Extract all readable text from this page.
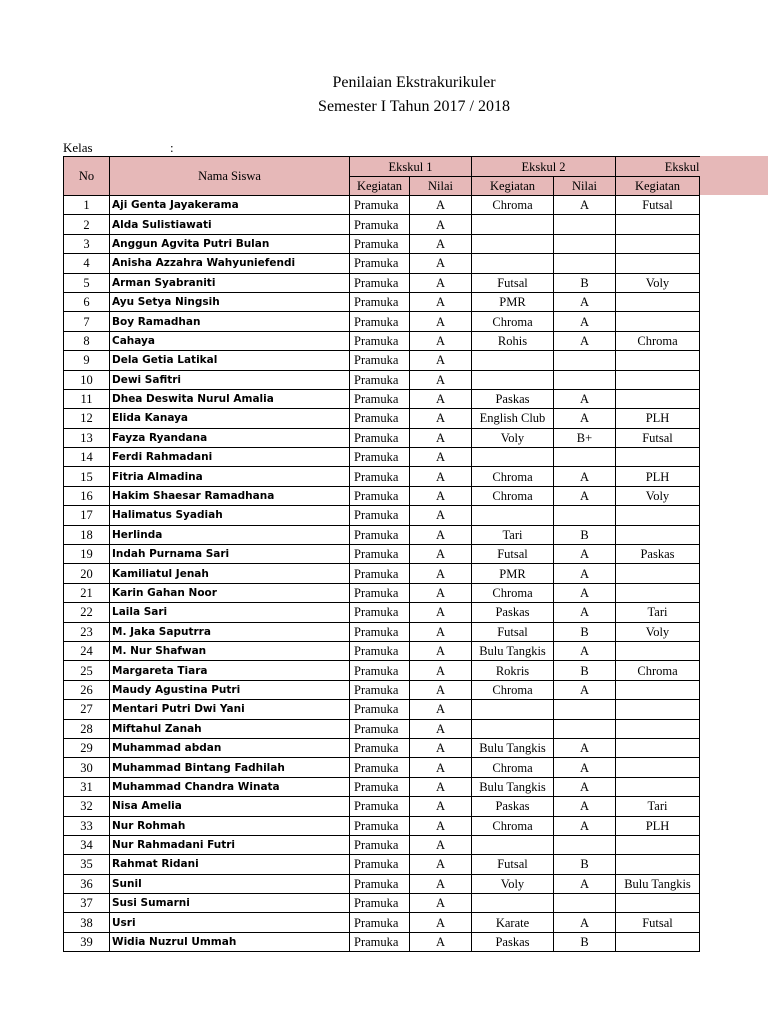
Penilaian Ekstrakurikuler
Semester I Tahun 2017 / 2018
Kelas	:
No	Nama Siswa	Ekskul 1		Ekskul 2		Ekskul
		Kegiatan	Nilai	Kegiatan	Nilai	Kegiatan
1	Aji Genta Jayakerama	Pramuka	A	Chroma	A	Futsal
2	Alda Sulistiawati	Pramuka	A			
3	Anggun Agvita Putri Bulan	Pramuka	A			
4	Anisha Azzahra Wahyuniefendi	Pramuka	A			
5	Arman Syabraniti	Pramuka	A	Futsal	B	Voly
6	Ayu Setya Ningsih	Pramuka	A	PMR	A	
7	Boy Ramadhan	Pramuka	A	Chroma	A	
8	Cahaya	Pramuka	A	Rohis	A	Chroma
9	Dela Getia Latikal	Pramuka	A			
10	Dewi Safitri	Pramuka	A			
11	Dhea Deswita Nurul Amalia	Pramuka	A	Paskas	A	
12	Elida Kanaya	Pramuka	A	English Club	A	PLH
13	Fayza Ryandana	Pramuka	A	Voly	B+	Futsal
14	Ferdi Rahmadani	Pramuka	A			
15	Fitria Almadina	Pramuka	A	Chroma	A	PLH
16	Hakim Shaesar Ramadhana	Pramuka	A	Chroma	A	Voly
17	Halimatus Syadiah	Pramuka	A			
18	Herlinda	Pramuka	A	Tari	B	
19	Indah Purnama Sari	Pramuka	A	Futsal	A	Paskas
20	Kamiliatul Jenah	Pramuka	A	PMR	A	
21	Karin Gahan Noor	Pramuka	A	Chroma	A	
22	Laila Sari	Pramuka	A	Paskas	A	Tari
23	M. Jaka Saputrra	Pramuka	A	Futsal	B	Voly
24	M. Nur Shafwan	Pramuka	A	Bulu Tangkis	A	
25	Margareta Tiara	Pramuka	A	Rokris	B	Chroma
26	Maudy Agustina Putri	Pramuka	A	Chroma	A	
27	Mentari Putri Dwi Yani	Pramuka	A			
28	Miftahul Zanah	Pramuka	A			
29	Muhammad abdan	Pramuka	A	Bulu Tangkis	A	
30	Muhammad Bintang Fadhilah	Pramuka	A	Chroma	A	
31	Muhammad Chandra Winata	Pramuka	A	Bulu Tangkis	A	
32	Nisa Amelia	Pramuka	A	Paskas	A	Tari
33	Nur Rohmah	Pramuka	A	Chroma	A	PLH
34	Nur Rahmadani Futri	Pramuka	A			
35	Rahmat Ridani	Pramuka	A	Futsal	B	
36	Sunil	Pramuka	A	Voly	A	Bulu Tangkis
37	Susi Sumarni	Pramuka	A			
38	Usri	Pramuka	A	Karate	A	Futsal
39	Widia Nuzrul Ummah	Pramuka	A	Paskas	B	
